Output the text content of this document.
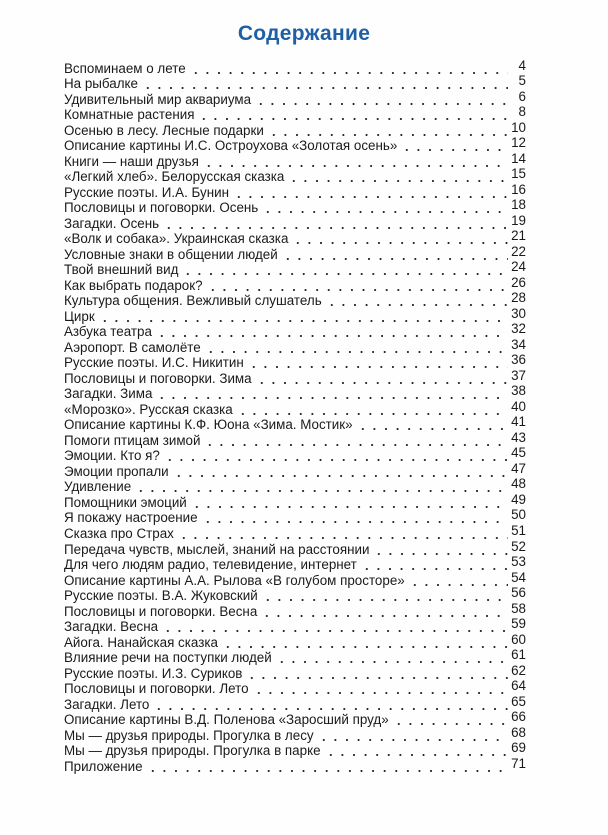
Содержание
Вспоминаем о лете	4
На рыбалке	5
Удивительный мир аквариума	6
Комнатные растения	8
Осенью в лесу. Лесные подарки	10
Описание картины И.С. Остроухова «Золотая осень»	12
Книги — наши друзья	14
«Легкий хлеб». Белорусская сказка	15
Русские поэты. И.А. Бунин	16
Пословицы и поговорки. Осень	18
Загадки. Осень	19
«Волк и собака». Украинская сказка	21
Условные знаки в общении людей	22
Твой внешний вид	24
Как выбрать подарок?	26
Культура общения. Вежливый слушатель	28
Цирк	30
Азбука театра	32
Аэропорт. В самолёте	34
Русские поэты. И.С. Никитин	36
Пословицы и поговорки. Зима	37
Загадки. Зима	38
«Морозко». Русская сказка	40
Описание картины К.Ф. Юона «Зима. Мостик»	41
Помоги птицам зимой	43
Эмоции. Кто я?	45
Эмоции пропали	47
Удивление	48
Помощники эмоций	49
Я покажу настроение	50
Сказка про Страх	51
Передача чувств, мыслей, знаний на расстоянии	52
Для чего людям радио, телевидение, интернет	53
Описание картины А.А. Рылова «В голубом просторе»	54
Русские поэты. В.А. Жуковский	56
Пословицы и поговорки. Весна	58
Загадки. Весна	59
Айога. Нанайская сказка	60
Влияние речи на поступки людей	61
Русские поэты. И.З. Суриков	62
Пословицы и поговорки. Лето	64
Загадки. Лето	65
Описание картины В.Д. Поленова «Заросший пруд»	66
Мы — друзья природы. Прогулка в лесу	68
Мы — друзья природы. Прогулка в парке	69
Приложение	71
